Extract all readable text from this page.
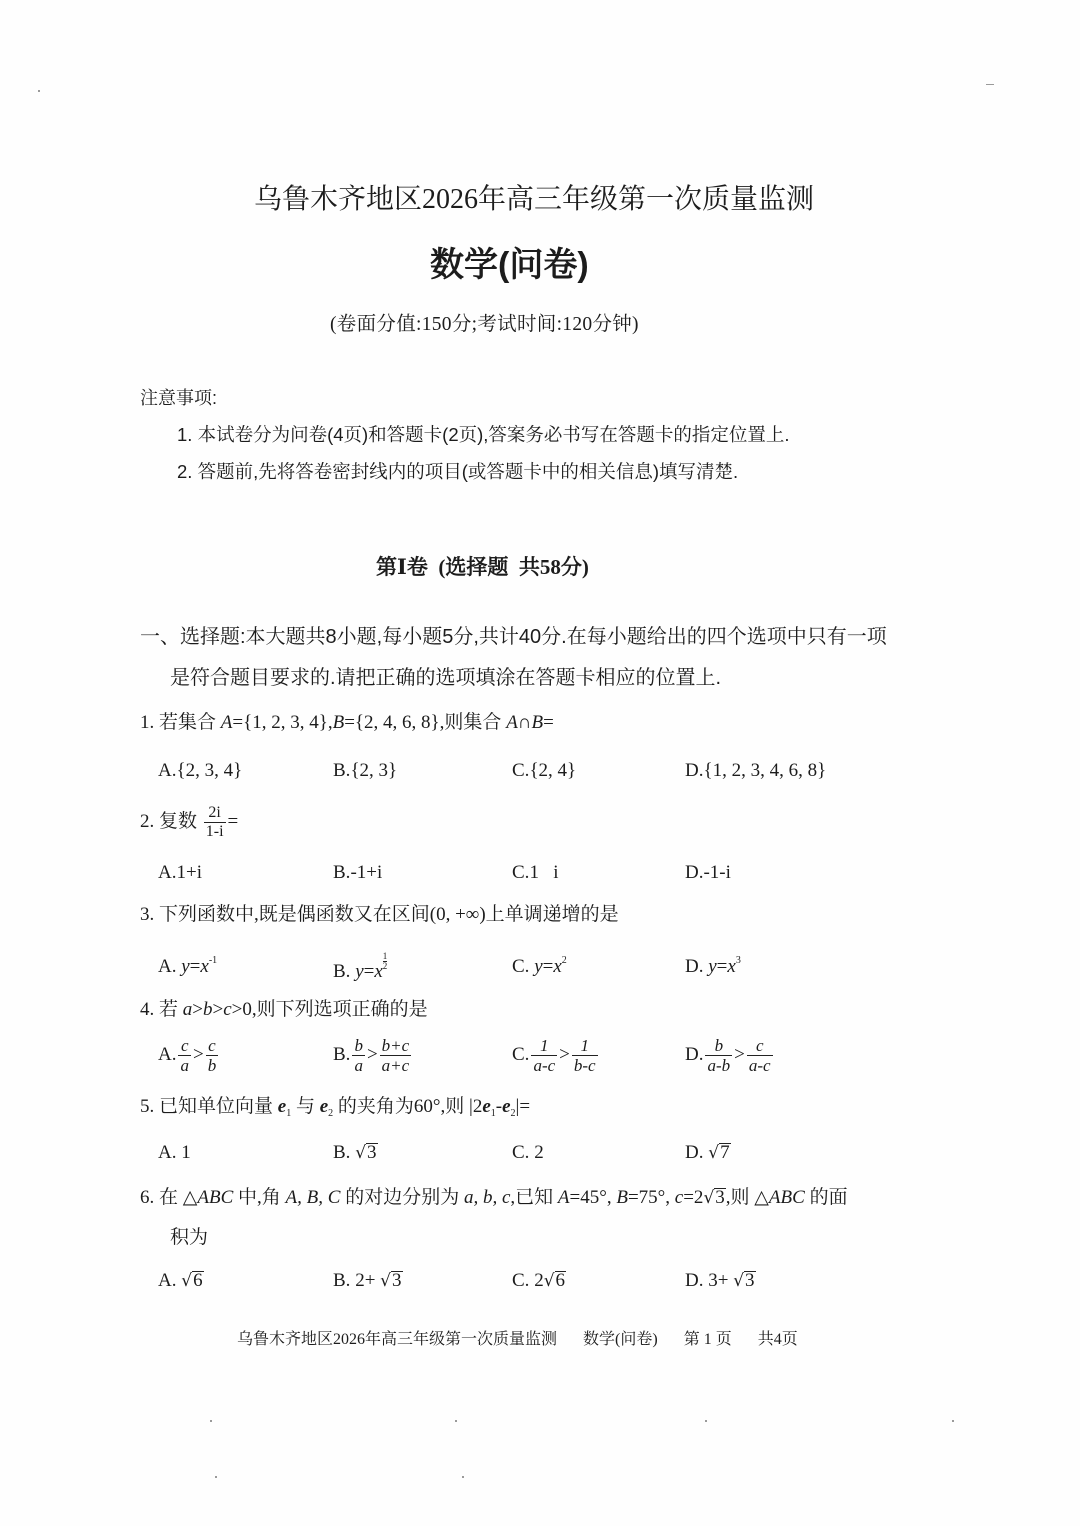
乌鲁木齐地区2026年高三年级第一次质量监测
数学(问卷)
(卷面分值:150分;考试时间:120分钟)
注意事项:
1. 本试卷分为问卷(4页)和答题卡(2页),答案务必书写在答题卡的指定位置上.
2. 答题前,先将答卷密封线内的项目(或答题卡中的相关信息)填写清楚.
第Ⅰ卷  (选择题  共58分)
一、选择题:本大题共8小题,每小题5分,共计40分.在每小题给出的四个选项中只有一项
是符合题目要求的.请把正确的选项填涂在答题卡相应的位置上.
1. 若集合 A={1, 2, 3, 4},B={2, 4, 6, 8},则集合 A∩B=

A.{2, 3, 4}

	B.{2, 3}

	C.{2, 4}

	D.{1, 2, 3, 4, 6, 8}

2. 复数 $\frac{2i}{1-i}$ =

A.1+i

	B.-1+i

	C.1   i

	D.-1-i

3. 下列函数中,既是偶函数又在区间(0, +∞)上单调递增的是

A. $y=x^{-1}$

B. $y=x \frac{1}{2}$

	C. $y=x^2$

	D. $y=x^3$

4. 若 a>b>c>0,则下列选项正确的是

A. $\frac{c}{a} > \frac{c}{b}$

	B. $\frac{b}{a} > \frac{b+c}{a+c}$

	C. $\frac{1}{a-c} > \frac{1}{b-c}$

	D. $\frac{b}{a-b} > \frac{c}{a-c}$

5. 已知单位向量 $e_1$ 与 $e_2$ 的夹角为60°,则 $|2e_1-e_2|=$

A. 1

	B. √3

	C. 2

	D. √7

6. 在 △ABC 中,角 A, B, C 的对边分别为 a, b, c,已知 A=45°, B=75°, c=2√3,则 △ABC 的面
积为

A. √6

	B. 2+ √3

	C. 2√6

	D. 3+ √3

乌鲁木齐地区2026年高三年级第一次质量监测 数学(问卷) 第 1 页 共4页
